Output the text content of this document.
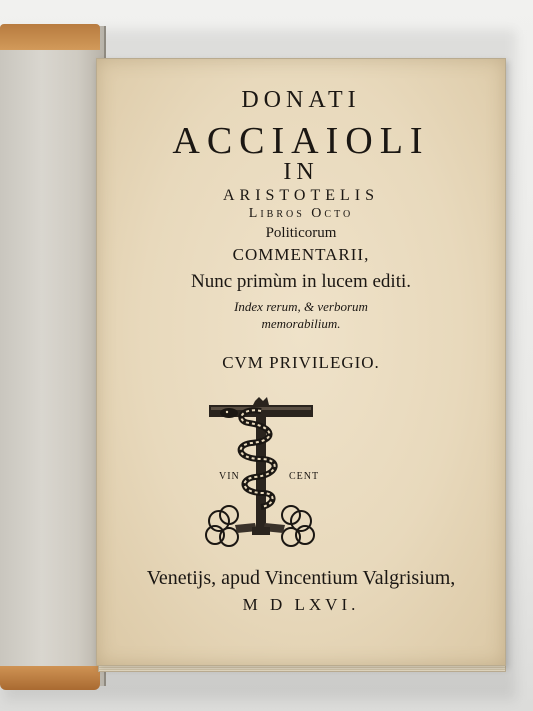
DONATI
ACCIAIOLI
IN
ARISTOTELIS
Libros Octo
Politicorum
COMMENTARII,
Nunc primùm in lucem editi.
Index rerum, & verborum
memorabilium.
CVM PRIVILEGIO.
VIN	CENT
Venetijs, apud Vincentium Valgrisium,
M D LXVI.
